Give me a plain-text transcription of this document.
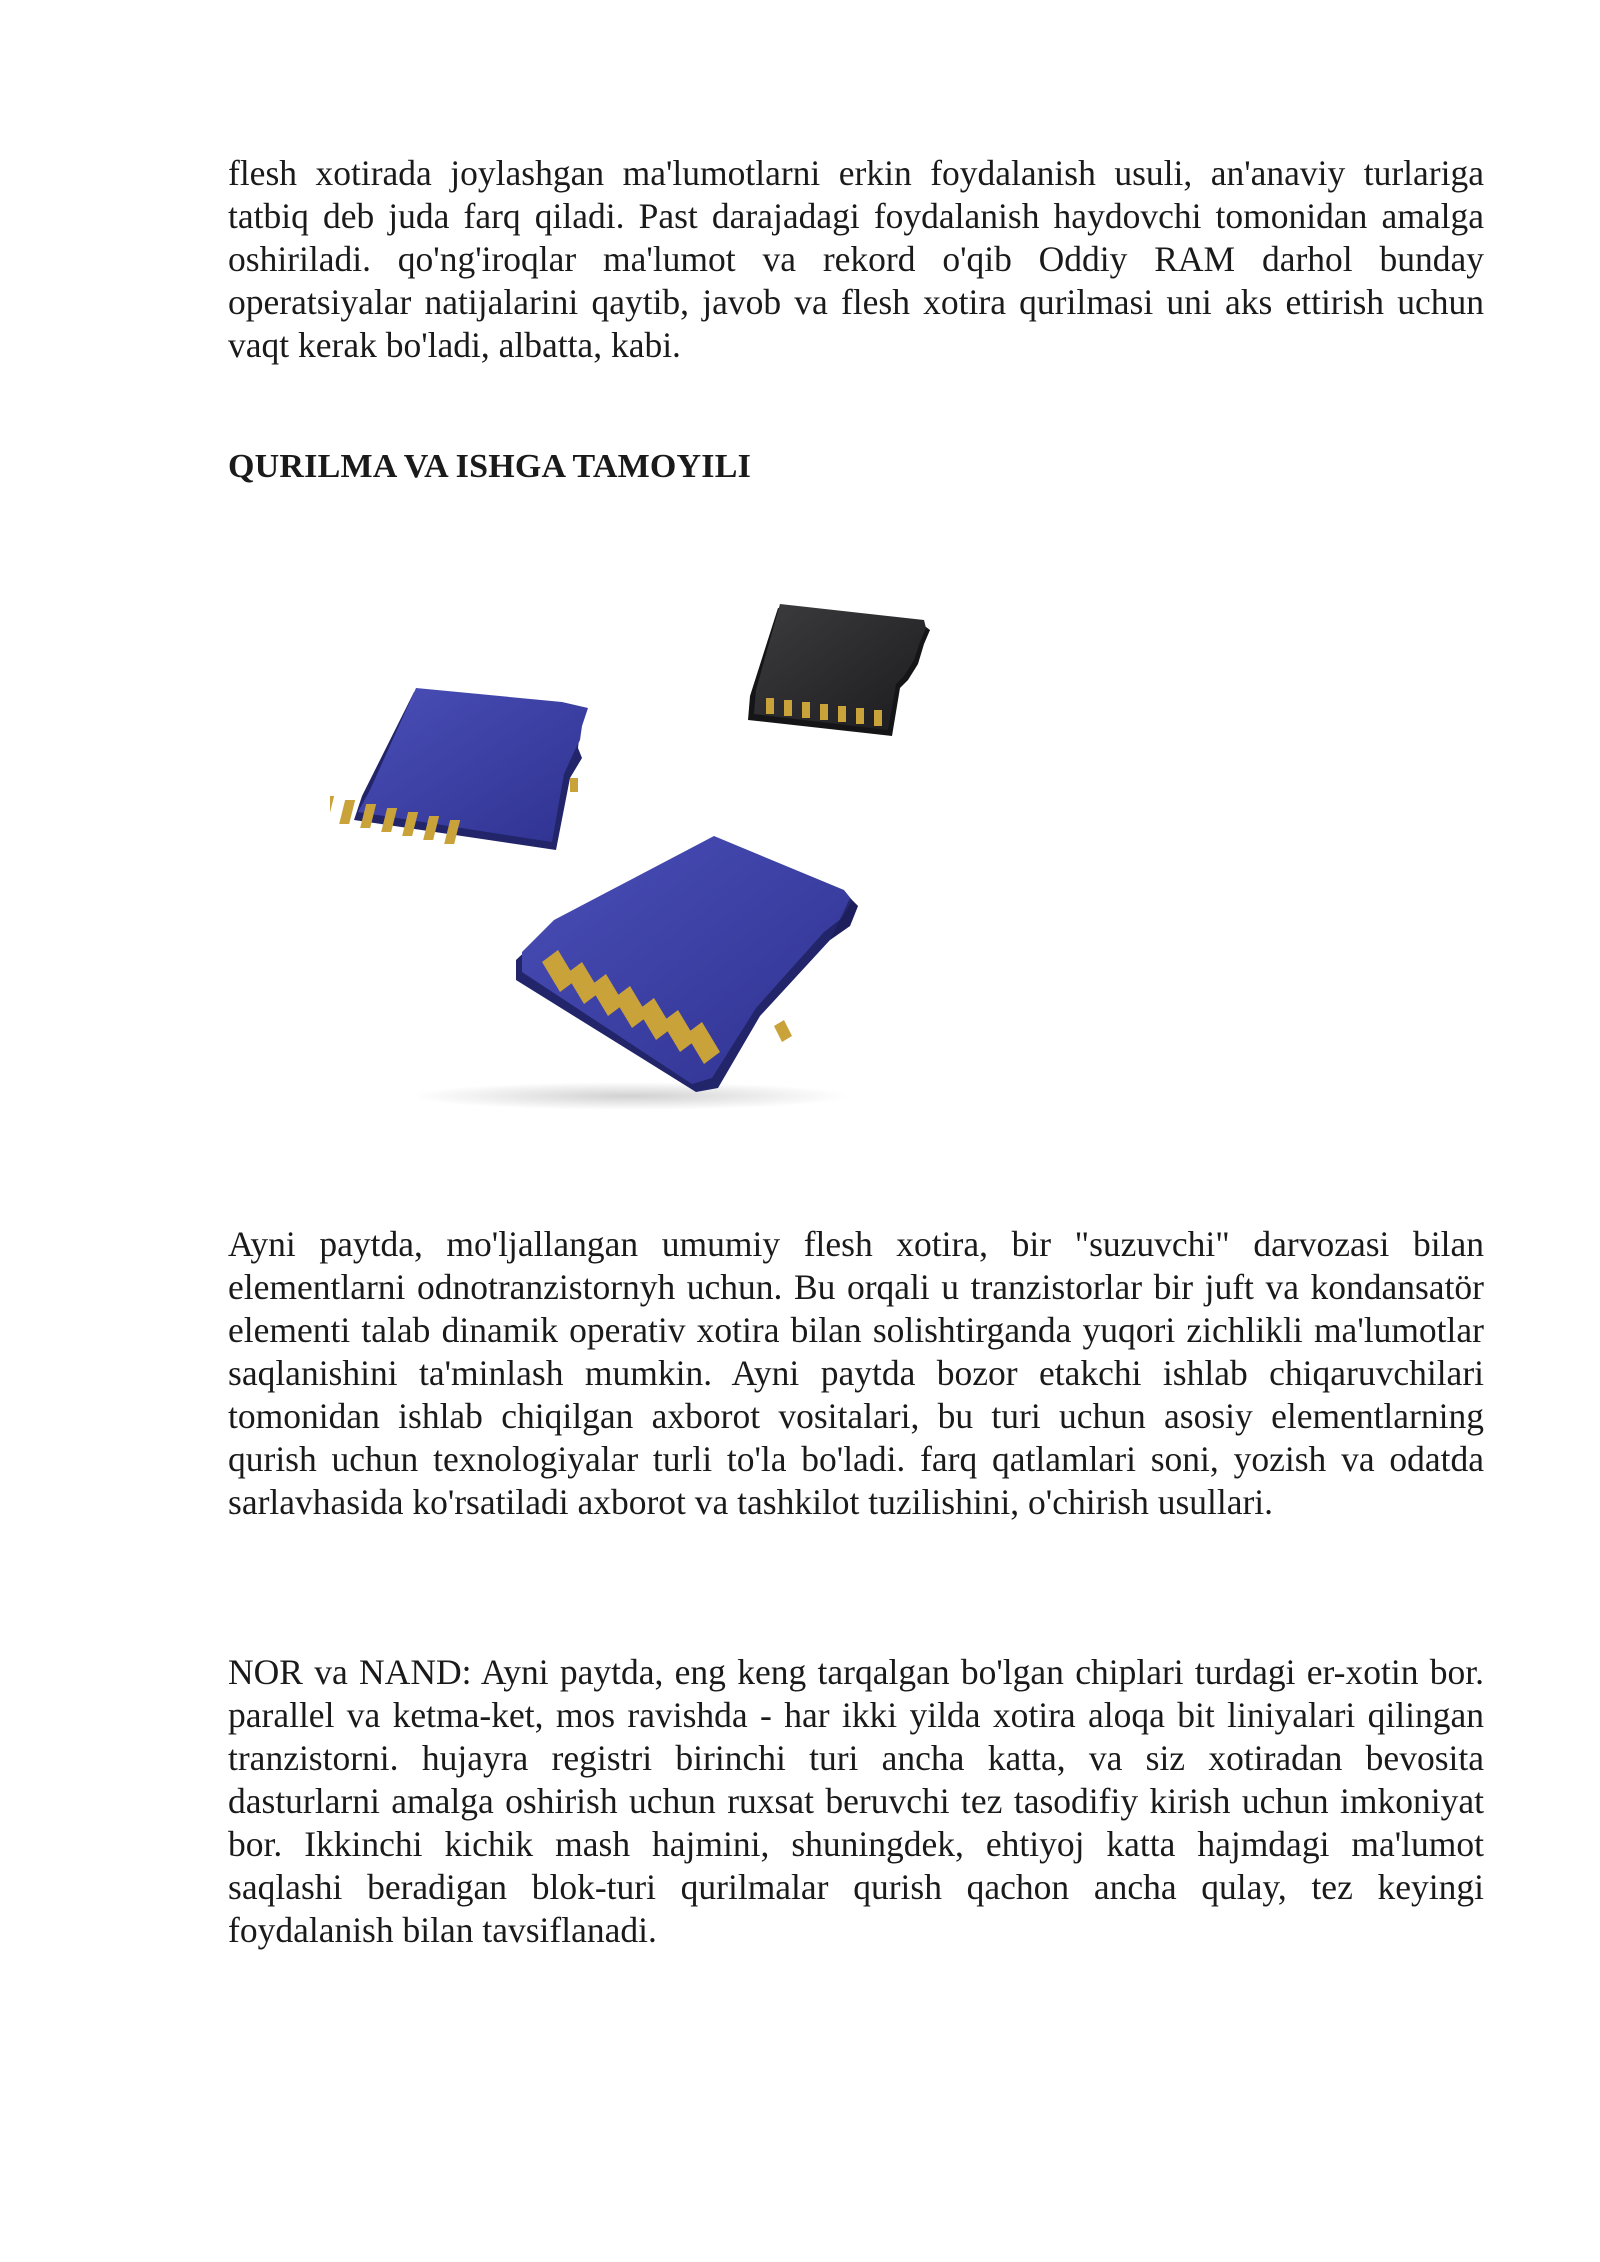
flesh xotirada joylashgan ma'lumotlarni erkin foydalanish usuli, an'anaviy turlariga tatbiq deb juda farq qiladi. Past darajadagi foydalanish haydovchi tomonidan amalga oshiriladi. qo'ng'iroqlar ma'lumot va rekord o'qib Oddiy RAM darhol bunday operatsiyalar natijalarini qaytib, javob va flesh xotira qurilmasi uni aks ettirish uchun vaqt kerak bo'ladi, albatta, kabi.

QURILMA VA ISHGA TAMOYILI

Ayni paytda, mo'ljallangan umumiy flesh xotira, bir "suzuvchi" darvozasi bilan elementlarni odnotranzistornyh uchun. Bu orqali u tranzistorlar bir juft va kondansatör elementi talab dinamik operativ xotira bilan solishtirganda yuqori zichlikli ma'lumotlar saqlanishini ta'minlash mumkin. Ayni paytda bozor etakchi ishlab chiqaruvchilari tomonidan ishlab chiqilgan axborot vositalari, bu turi uchun asosiy elementlarning qurish uchun texnologiyalar turli to'la bo'ladi. farq qatlamlari soni, yozish va odatda sarlavhasida ko'rsatiladi axborot va tashkilot tuzilishini, o'chirish usullari.

NOR va NAND: Ayni paytda, eng keng tarqalgan bo'lgan chiplari turdagi er-xotin bor. parallel va ketma-ket, mos ravishda - har ikki yilda xotira aloqa bit liniyalari qilingan tranzistorni. hujayra registri birinchi turi ancha katta, va siz xotiradan bevosita dasturlarni amalga oshirish uchun ruxsat beruvchi tez tasodifiy kirish uchun imkoniyat bor. Ikkinchi kichik mash hajmini, shuningdek, ehtiyoj katta hajmdagi ma'lumot saqlashi beradigan blok-turi qurilmalar qurish qachon ancha qulay, tez keyingi foydalanish bilan tavsiflanadi.
